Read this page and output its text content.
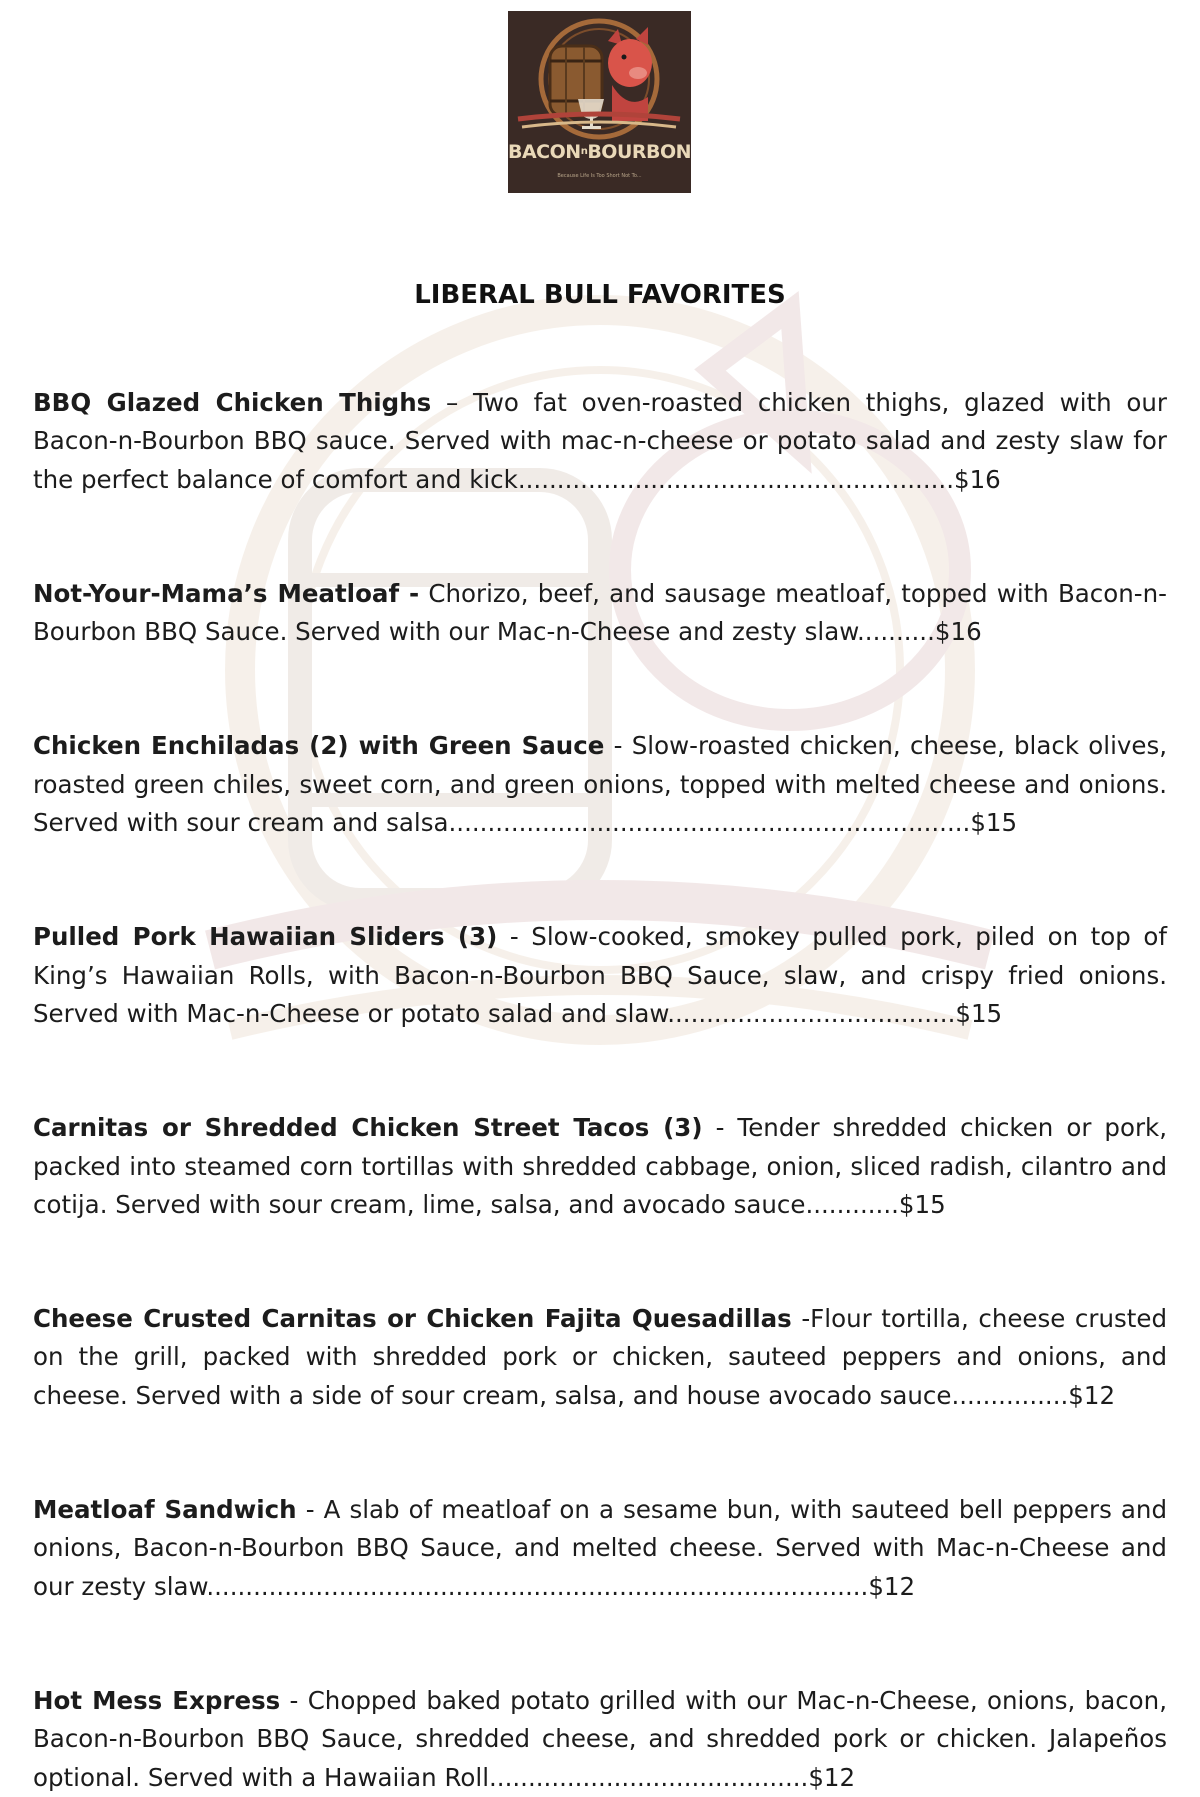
BACON$^n$BOURBON
Because Life Is Too Short Not To...
LIBERAL BULL FAVORITES

BBQ Glazed Chicken Thighs – Two fat oven-roasted chicken thighs, glazed with our Bacon-n-Bourbon BBQ sauce. Served with mac-n-cheese or potato salad and zesty slaw for the perfect balance of comfort and kick........................................................$16

Not-Your-Mama’s Meatloaf - Chorizo, beef, and sausage meatloaf, topped with Bacon-n-Bourbon BBQ Sauce. Served with our Mac-n-Cheese and zesty slaw..........$16

Chicken Enchiladas (2) with Green Sauce - Slow-roasted chicken, cheese, black olives, roasted green chiles, sweet corn, and green onions, topped with melted cheese and onions. Served with sour cream and salsa...................................................................$15

Pulled Pork Hawaiian Sliders (3) - Slow-cooked, smokey pulled pork, piled on top of King’s Hawaiian Rolls, with Bacon-n-Bourbon BBQ Sauce, slaw, and crispy fried onions. Served with Mac-n-Cheese or potato salad and slaw.....................................$15

Carnitas or Shredded Chicken Street Tacos (3) - Tender shredded chicken or pork, packed into steamed corn tortillas with shredded cabbage, onion, sliced radish, cilantro and cotija. Served with sour cream, lime, salsa, and avocado sauce............$15

Cheese Crusted Carnitas or Chicken Fajita Quesadillas -Flour tortilla, cheese crusted on the grill, packed with shredded pork or chicken, sauteed peppers and onions, and cheese. Served with a side of sour cream, salsa, and house avocado sauce...............$12

Meatloaf Sandwich - A slab of meatloaf on a sesame bun, with sauteed bell peppers and onions, Bacon-n-Bourbon BBQ Sauce, and melted cheese. Served with Mac-n-Cheese and our zesty slaw.....................................................................................$12

Hot Mess Express - Chopped baked potato grilled with our Mac-n-Cheese, onions, bacon, Bacon-n-Bourbon BBQ Sauce, shredded cheese, and shredded pork or chicken. Jalapeños optional. Served with a Hawaiian Roll.........................................$12
